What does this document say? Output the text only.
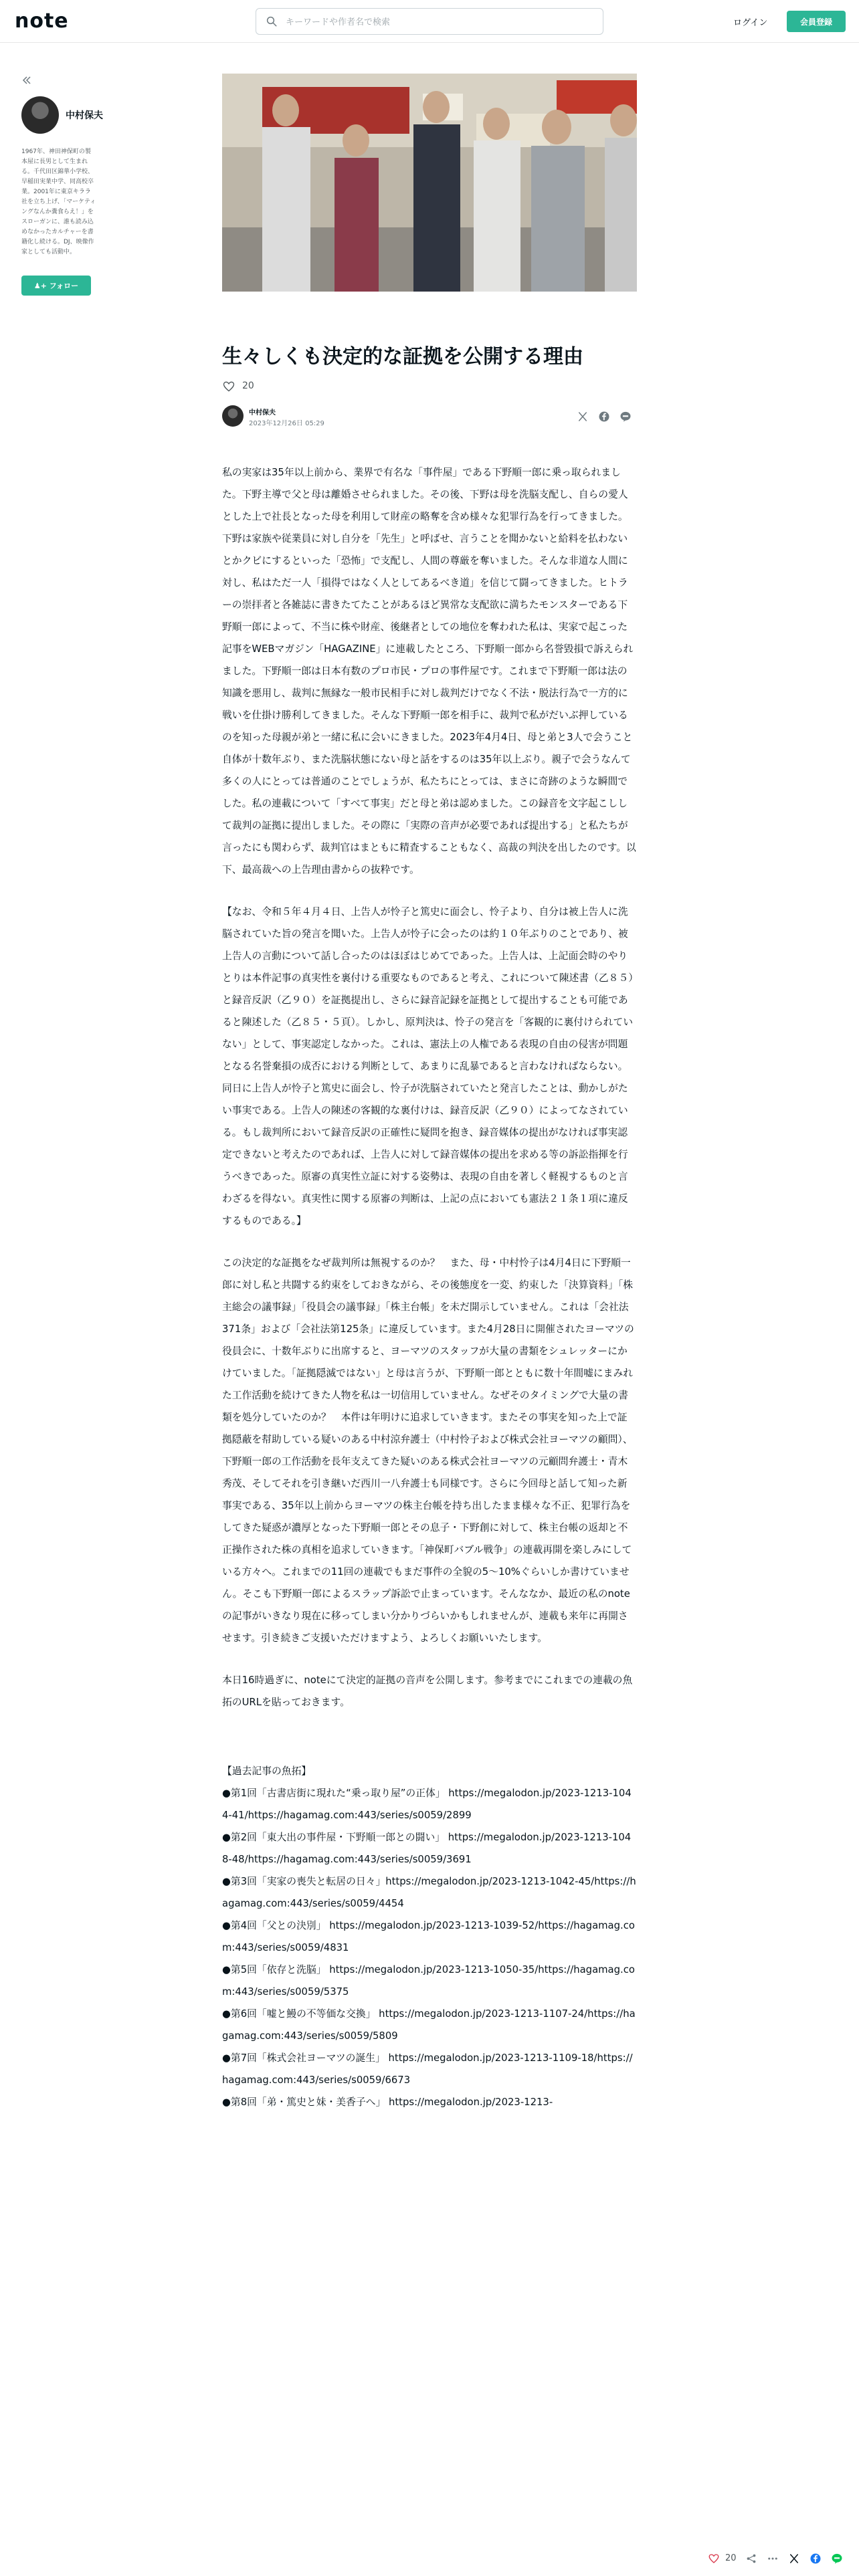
note
キーワードや作者名で検索	ログイン	会員登録
中村保夫
1967年、神田神保町の製本屋に長男として生まれる。千代田区錦華小学校、早稲田実業中学、同高校卒業。2001年に東京キララ社を立ち上げ、「マーケティングなんか糞食らえ！」をスローガンに、誰も読み込めなかったカルチャーを書籍化し続ける。DJ、映像作家としても活動中。
♟+ フォロー
生々しくも決定的な証拠を公開する理由
20
中村保夫
2023年12月26日 05:29

私の実家は35年以上前から、業界で有名な「事件屋」である下野順一郎に乗っ取られました。下野主導で父と母は離婚させられました。その後、下野は母を洗脳支配し、自らの愛人とした上で社長となった母を利用して財産の略奪を含め様々な犯罪行為を行ってきました。下野は家族や従業員に対し自分を「先生」と呼ばせ、言うことを聞かないと給料を払わないとかクビにするといった「恐怖」で支配し、人間の尊厳を奪いました。そんな非道な人間に対し、私はただ一人「損得ではなく人としてあるべき道」を信じて闘ってきました。ヒトラーの崇拝者と各雑誌に書きたてたことがあるほど異常な支配欲に満ちたモンスターである下野順一郎によって、不当に株や財産、後継者としての地位を奪われた私は、実家で起こった記事をWEBマガジン「HAGAZINE」に連載したところ、下野順一郎から名誉毀損で訴えられました。下野順一郎は日本有数のプロ市民・プロの事件屋です。これまで下野順一郎は法の知識を悪用し、裁判に無縁な一般市民相手に対し裁判だけでなく不法・脱法行為で一方的に戦いを仕掛け勝利してきました。そんな下野順一郎を相手に、裁判で私がだいぶ押しているのを知った母親が弟と一緒に私に会いにきました。2023年4月4日、母と弟と3人で会うこと自体が十数年ぶり、また洗脳状態にない母と話をするのは35年以上ぶり。親子で会うなんて多くの人にとっては普通のことでしょうが、私たちにとっては、まさに奇跡のような瞬間でした。私の連載について「すべて事実」だと母と弟は認めました。この録音を文字起こしして裁判の証拠に提出しました。その際に「実際の音声が必要であれば提出する」と私たちが言ったにも関わらず、裁判官はまともに精査することもなく、高裁の判決を出したのです。以下、最高裁への上告理由書からの抜粋です。

【なお、令和５年４月４日、上告人が怜子と篤史に面会し、怜子より、自分は被上告人に洗脳されていた旨の発言を聞いた。上告人が怜子に会ったのは約１０年ぶりのことであり、被上告人の言動について話し合ったのはほぼはじめてであった。上告人は、上記面会時のやりとりは本件記事の真実性を裏付ける重要なものであると考え、これについて陳述書（乙８５）と録音反訳（乙９０）を証拠提出し、さらに録音記録を証拠として提出することも可能であると陳述した（乙８５・５頁）。しかし、原判決は、怜子の発言を「客観的に裏付けられていない」として、事実認定しなかった。これは、憲法上の人権である表現の自由の侵害が問題となる名誉棄損の成否における判断として、あまりに乱暴であると言わなければならない。同日に上告人が怜子と篤史に面会し、怜子が洗脳されていたと発言したことは、動かしがたい事実である。上告人の陳述の客観的な裏付けは、録音反訳（乙９０）によってなされている。もし裁判所において録音反訳の正確性に疑問を抱き、録音媒体の提出がなければ事実認定できないと考えたのであれば、上告人に対して録音媒体の提出を求める等の訴訟指揮を行うべきであった。原審の真実性立証に対する姿勢は、表現の自由を著しく軽視するものと言わざるを得ない。真実性に関する原審の判断は、上記の点においても憲法２１条１項に違反するものである。】

この決定的な証拠をなぜ裁判所は無視するのか？　また、母・中村怜子は4月4日に下野順一郎に対し私と共闘する約束をしておきながら、その後態度を一変、約束した「決算資料」「株主総会の議事録」「役員会の議事録」「株主台帳」を未だ開示していません。これは「会社法371条」および「会社法第125条」に違反しています。また4月28日に開催されたヨーマツの役員会に、十数年ぶりに出席すると、ヨーマツのスタッフが大量の書類をシュレッターにかけていました。「証拠隠滅ではない」と母は言うが、下野順一郎とともに数十年間嘘にまみれた工作活動を続けてきた人物を私は一切信用していません。なぜそのタイミングで大量の書類を処分していたのか？　本件は年明けに追求していきます。またその事実を知った上で証拠隠蔽を幇助している疑いのある中村涼弁護士（中村怜子および株式会社ヨーマツの顧問）、下野順一郎の工作活動を長年支えてきた疑いのある株式会社ヨーマツの元顧問弁護士・青木秀茂、そしてそれを引き継いだ西川一八弁護士も同様です。さらに今回母と話して知った新事実である、35年以上前からヨーマツの株主台帳を持ち出したまま様々な不正、犯罪行為をしてきた疑惑が濃厚となった下野順一郎とその息子・下野創に対して、株主台帳の返却と不正操作された株の真相を追求していきます。「神保町バブル戦争」の連載再開を楽しみにしている方々へ。これまでの11回の連載でもまだ事件の全貌の5〜10%ぐらいしか書けていません。そこも下野順一郎によるスラップ訴訟で止まっています。そんななか、最近の私のnoteの記事がいきなり現在に移ってしまい分かりづらいかもしれませんが、連載も来年に再開させます。引き続きご支援いただけますよう、よろしくお願いいたします。

本日16時過ぎに、noteにて決定的証拠の音声を公開します。参考までにこれまでの連載の魚拓のURLを貼っておきます。

【過去記事の魚拓】
●第1回「古書店街に現れた“乗っ取り屋”の正体」 https://megalodon.jp/2023-1213-1044-41/https://hagamag.com:443/series/s0059/2899
●第2回「東大出の事件屋・下野順一郎との闘い」 https://megalodon.jp/2023-1213-1048-48/https://hagamag.com:443/series/s0059/3691
●第3回「実家の喪失と転居の日々」https://megalodon.jp/2023-1213-1042-45/https://hagamag.com:443/series/s0059/4454
●第4回「父との決別」 https://megalodon.jp/2023-1213-1039-52/https://hagamag.com:443/series/s0059/4831
●第5回「依存と洗脳」 https://megalodon.jp/2023-1213-1050-35/https://hagamag.com:443/series/s0059/5375
●第6回「嘘と鰻の不等価な交換」 https://megalodon.jp/2023-1213-1107-24/https://hagamag.com:443/series/s0059/5809
●第7回「株式会社ヨーマツの誕生」 https://megalodon.jp/2023-1213-1109-18/https://hagamag.com:443/series/s0059/6673
●第8回「弟・篤史と妹・美香子へ」 https://megalodon.jp/2023-1213-
20
